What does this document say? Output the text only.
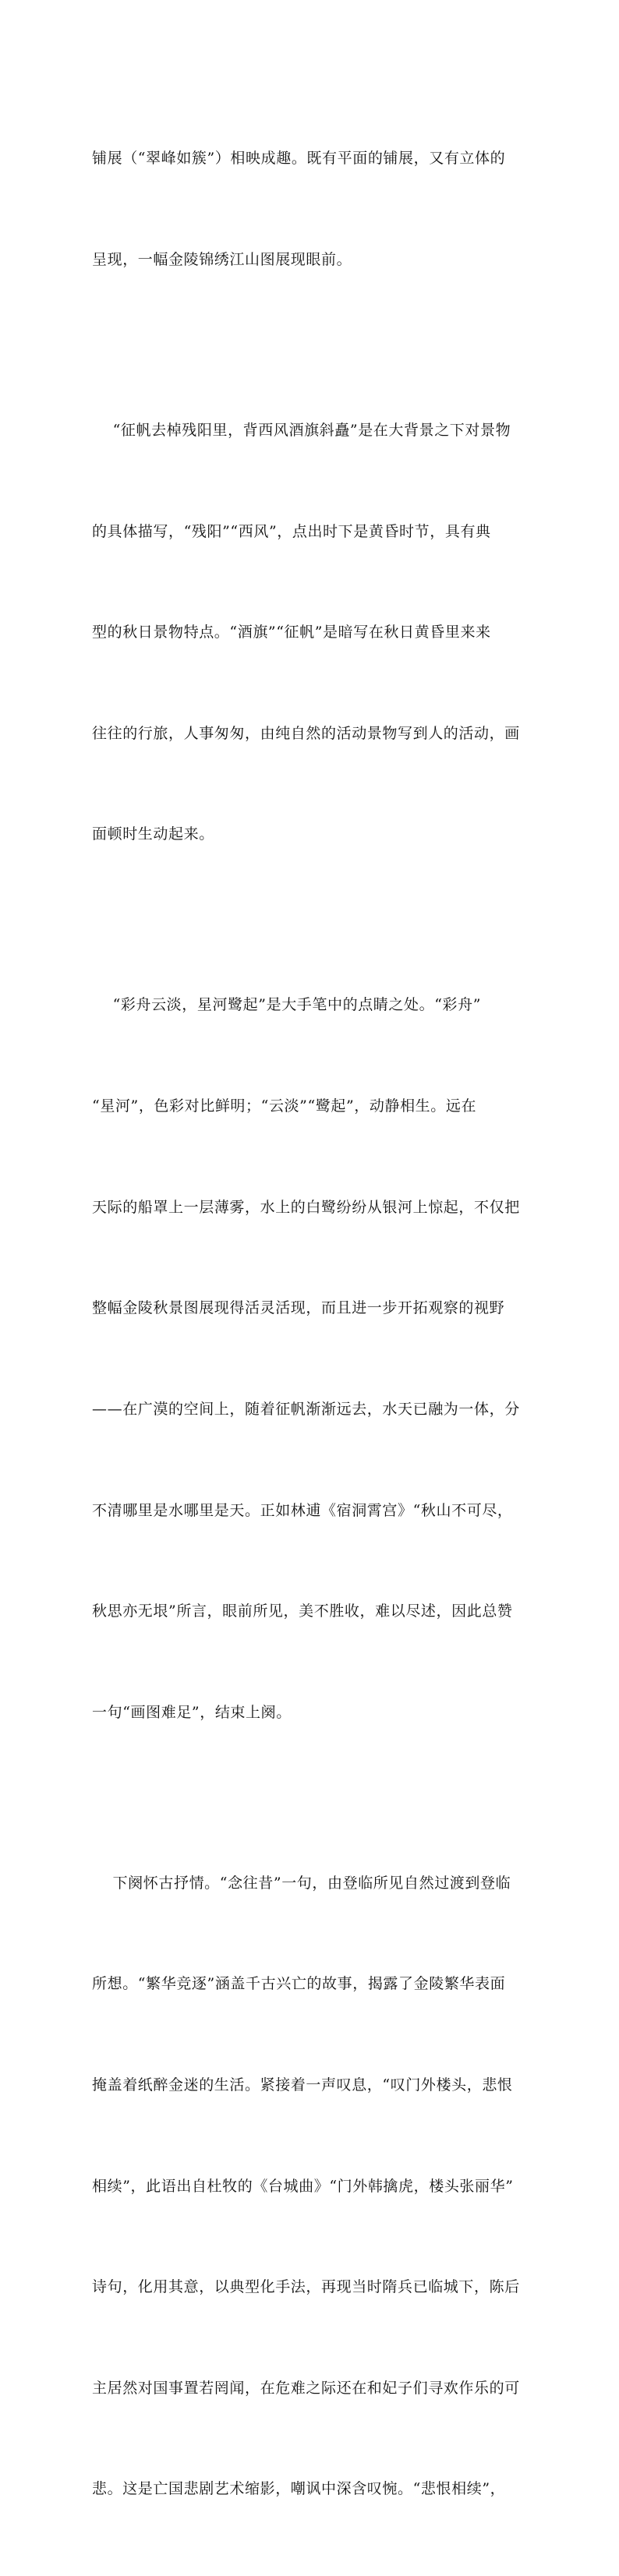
铺展（“翠峰如簇”）相映成趣。既有平面的铺展，又有立体的

呈现，一幅金陵锦绣江山图展现眼前。

“征帆去棹残阳里，背西风酒旗斜矗”是在大背景之下对景物

的具体描写，“残阳”“西风”，点出时下是黄昏时节，具有典

型的秋日景物特点。“酒旗”“征帆”是暗写在秋日黄昏里来来

往往的行旅，人事匆匆，由纯自然的活动景物写到人的活动，画

面顿时生动起来。

“彩舟云淡，星河鹭起”是大手笔中的点睛之处。“彩舟”

“星河”，色彩对比鲜明；“云淡”“鹭起”，动静相生。远在

天际的船罩上一层薄雾，水上的白鹭纷纷从银河上惊起，不仅把

整幅金陵秋景图展现得活灵活现，而且进一步开拓观察的视野

——在广漠的空间上，随着征帆渐渐远去，水天已融为一体，分

不清哪里是水哪里是天。正如林逋《宿洞霄宫》“秋山不可尽，

秋思亦无垠”所言，眼前所见，美不胜收，难以尽述，因此总赞

一句“画图难足”，结束上阕。

下阕怀古抒情。“念往昔”一句，由登临所见自然过渡到登临

所想。“繁华竞逐”涵盖千古兴亡的故事，揭露了金陵繁华表面

掩盖着纸醉金迷的生活。紧接着一声叹息，“叹门外楼头，悲恨

相续”，此语出自杜牧的《台城曲》“门外韩擒虎，楼头张丽华”

诗句，化用其意，以典型化手法，再现当时隋兵已临城下，陈后

主居然对国事置若罔闻，在危难之际还在和妃子们寻欢作乐的可

悲。这是亡国悲剧艺术缩影，嘲讽中深含叹惋。“悲恨相续”，
